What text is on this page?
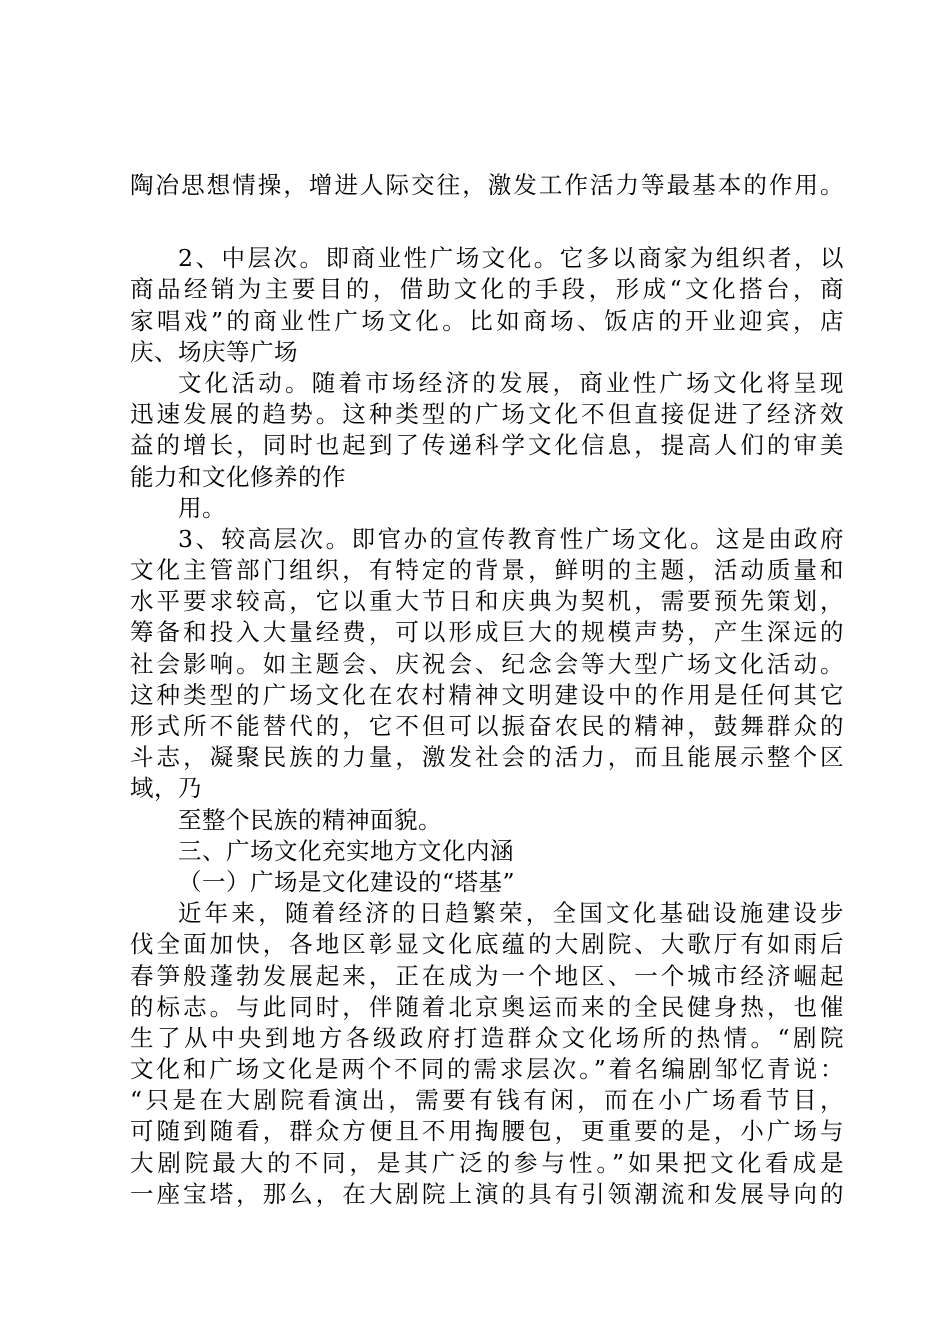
陶冶思想情操，增进人际交往，激发工作活力等最基本的作用。
2、中层次。即商业性广场文化。它多以商家为组织者，以
商品经销为主要目的，借助文化的手段，形成“文化搭台，商
家唱戏”的商业性广场文化。比如商场、饭店的开业迎宾，店
庆、场庆等广场
文化活动。随着市场经济的发展，商业性广场文化将呈现
迅速发展的趋势。这种类型的广场文化不但直接促进了经济效
益的增长，同时也起到了传递科学文化信息，提高人们的审美
能力和文化修养的作
用。
3、较高层次。即官办的宣传教育性广场文化。这是由政府
文化主管部门组织，有特定的背景，鲜明的主题，活动质量和
水平要求较高，它以重大节日和庆典为契机，需要预先策划，
筹备和投入大量经费，可以形成巨大的规模声势，产生深远的
社会影响。如主题会、庆祝会、纪念会等大型广场文化活动。
这种类型的广场文化在农村精神文明建设中的作用是任何其它
形式所不能替代的，它不但可以振奋农民的精神，鼓舞群众的
斗志，凝聚民族的力量，激发社会的活力，而且能展示整个区
域，乃
至整个民族的精神面貌。
三、广场文化充实地方文化内涵
（一）广场是文化建设的“塔基”
近年来，随着经济的日趋繁荣，全国文化基础设施建设步
伐全面加快，各地区彰显文化底蕴的大剧院、大歌厅有如雨后
春笋般蓬勃发展起来，正在成为一个地区、一个城市经济崛起
的标志。与此同时，伴随着北京奥运而来的全民健身热，也催
生了从中央到地方各级政府打造群众文化场所的热情。“剧院
文化和广场文化是两个不同的需求层次。”着名编剧邹忆青说：
“只是在大剧院看演出，需要有钱有闲，而在小广场看节目，
可随到随看，群众方便且不用掏腰包，更重要的是，小广场与
大剧院最大的不同，是其广泛的参与性。”如果把文化看成是
一座宝塔，那么，在大剧院上演的具有引领潮流和发展导向的
